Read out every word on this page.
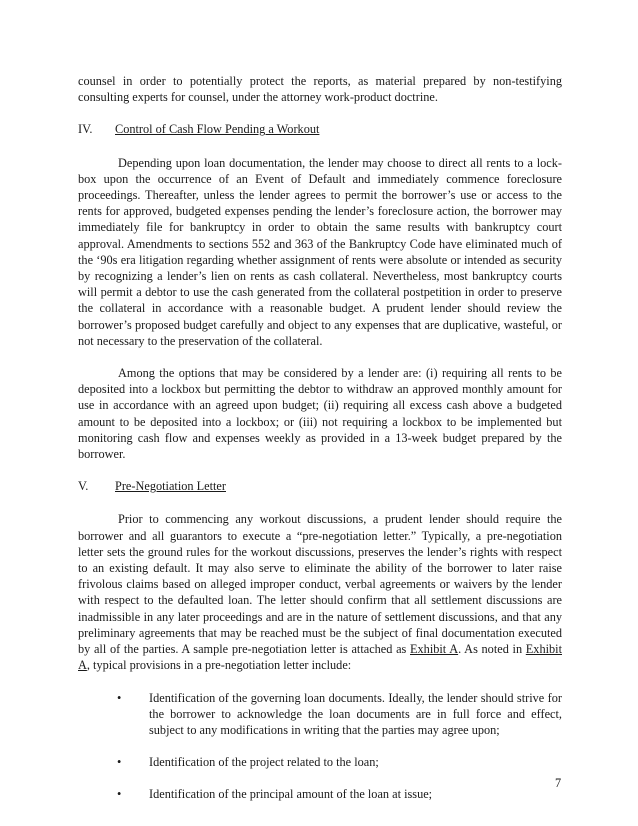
counsel in order to potentially protect the reports, as material prepared by non-testifying consulting experts for counsel, under the attorney work-product doctrine.

IV.	Control of Cash Flow Pending a Workout

Depending upon loan documentation, the lender may choose to direct all rents to a lock-box upon the occurrence of an Event of Default and immediately commence foreclosure proceedings. Thereafter, unless the lender agrees to permit the borrower’s use or access to the rents for approved, budgeted expenses pending the lender’s foreclosure action, the borrower may immediately file for bankruptcy in order to obtain the same results with bankruptcy court approval. Amendments to sections 552 and 363 of the Bankruptcy Code have eliminated much of the ‘90s era litigation regarding whether assignment of rents were absolute or intended as security by recognizing a lender’s lien on rents as cash collateral. Nevertheless, most bankruptcy courts will permit a debtor to use the cash generated from the collateral postpetition in order to preserve the collateral in accordance with a reasonable budget. A prudent lender should review the borrower’s proposed budget carefully and object to any expenses that are duplicative, wasteful, or not necessary to the preservation of the collateral.

Among the options that may be considered by a lender are: (i) requiring all rents to be deposited into a lockbox but permitting the debtor to withdraw an approved monthly amount for use in accordance with an agreed upon budget; (ii) requiring all excess cash above a budgeted amount to be deposited into a lockbox; or (iii) not requiring a lockbox to be implemented but monitoring cash flow and expenses weekly as provided in a 13-week budget prepared by the borrower.

V.	Pre-Negotiation Letter

Prior to commencing any workout discussions, a prudent lender should require the borrower and all guarantors to execute a “pre-negotiation letter.” Typically, a pre-negotiation letter sets the ground rules for the workout discussions, preserves the lender’s rights with respect to an existing default. It may also serve to eliminate the ability of the borrower to later raise frivolous claims based on alleged improper conduct, verbal agreements or waivers by the lender with respect to the defaulted loan. The letter should confirm that all settlement discussions are inadmissible in any later proceedings and are in the nature of settlement discussions, and that any preliminary agreements that may be reached must be the subject of final documentation executed by all of the parties. A sample pre-negotiation letter is attached as Exhibit A. As noted in Exhibit A, typical provisions in a pre-negotiation letter include:

•	Identification of the governing loan documents. Ideally, the lender should strive for the borrower to acknowledge the loan documents are in full force and effect, subject to any modifications in writing that the parties may agree upon;
•	Identification of the project related to the loan;
•	Identification of the principal amount of the loan at issue;
7
